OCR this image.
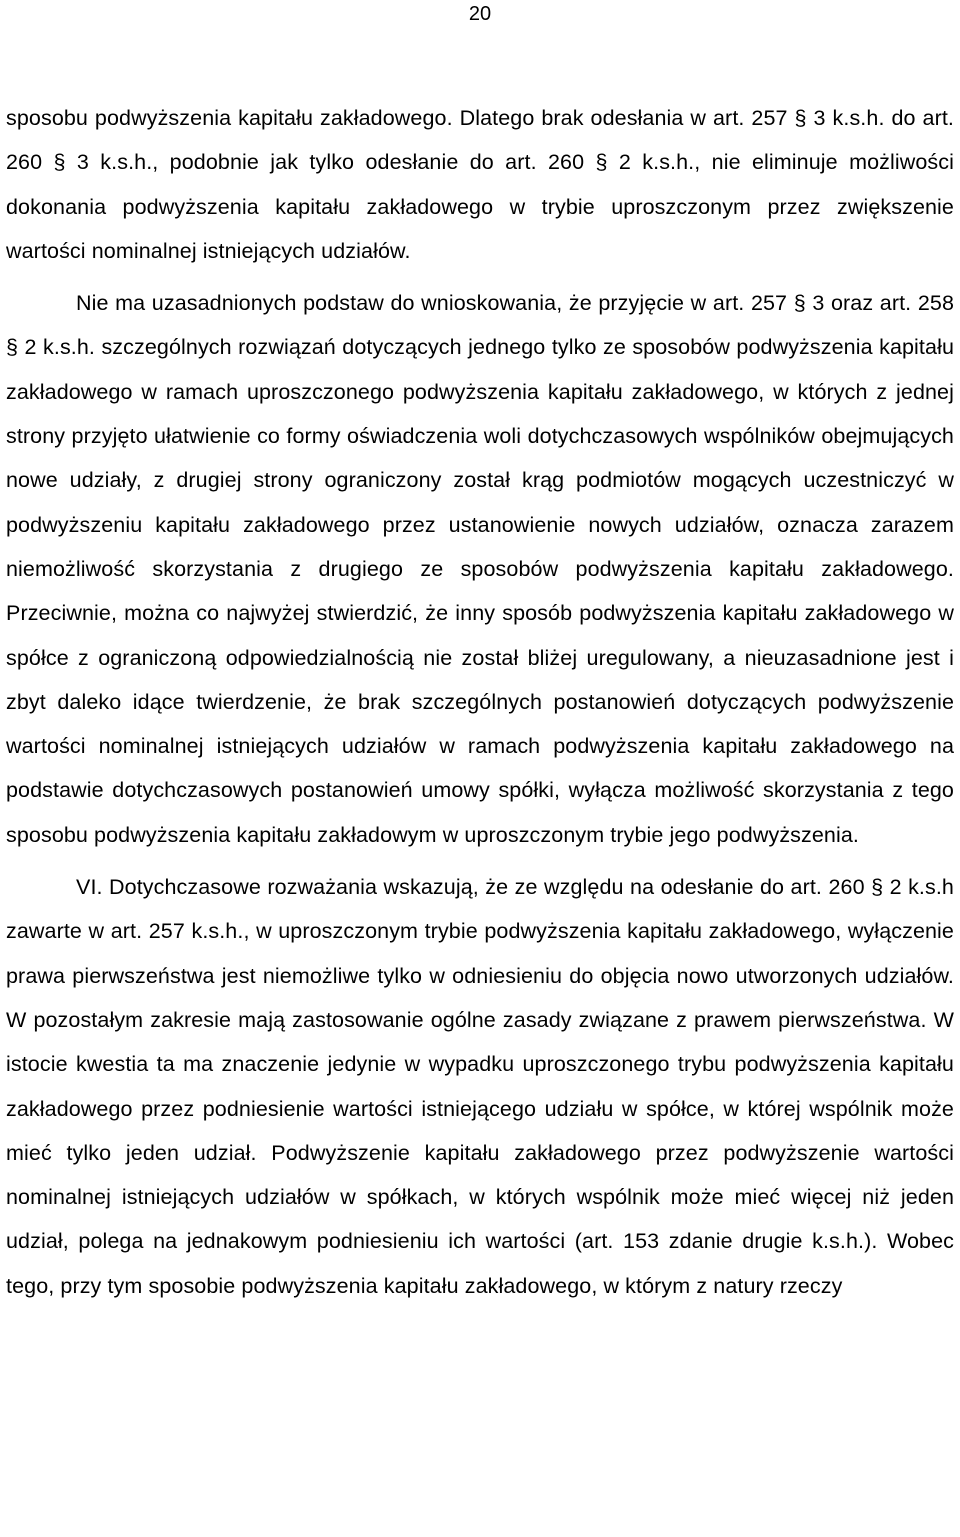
20

sposobu podwyższenia kapitału zakładowego. Dlatego brak odesłania w art. 257 § 3 k.s.h. do art. 260 § 3 k.s.h., podobnie jak tylko odesłanie do art. 260 § 2 k.s.h., nie eliminuje możliwości dokonania podwyższenia kapitału zakładowego w trybie uproszczonym przez zwiększenie wartości nominalnej istniejących udziałów.

Nie ma uzasadnionych podstaw do wnioskowania, że przyjęcie w art. 257 § 3 oraz art. 258 § 2 k.s.h. szczególnych rozwiązań dotyczących jednego tylko ze sposobów podwyższenia kapitału zakładowego w ramach uproszczonego podwyższenia kapitału zakładowego, w których z jednej strony przyjęto ułatwienie co formy oświadczenia woli dotychczasowych wspólników obejmujących nowe udziały, z drugiej strony ograniczony został krąg podmiotów mogących uczestniczyć w podwyższeniu kapitału zakładowego przez ustanowienie nowych udziałów, oznacza zarazem niemożliwość skorzystania z drugiego ze sposobów podwyższenia kapitału zakładowego. Przeciwnie, można co najwyżej stwierdzić, że inny sposób podwyższenia kapitału zakładowego w spółce z ograniczoną odpowiedzialnością nie został bliżej uregulowany, a nieuzasadnione jest i zbyt daleko idące twierdzenie, że brak szczególnych postanowień dotyczących podwyższenie wartości nominalnej istniejących udziałów w ramach podwyższenia kapitału zakładowego na podstawie dotychczasowych postanowień umowy spółki, wyłącza możliwość skorzystania z tego sposobu podwyższenia kapitału zakładowym w uproszczonym trybie jego podwyższenia.

VI. Dotychczasowe rozważania wskazują, że ze względu na odesłanie do art. 260 § 2 k.s.h zawarte w art. 257 k.s.h., w uproszczonym trybie podwyższenia kapitału zakładowego, wyłączenie prawa pierwszeństwa jest niemożliwe tylko w odniesieniu do objęcia nowo utworzonych udziałów. W pozostałym zakresie mają zastosowanie ogólne zasady związane z prawem pierwszeństwa. W istocie kwestia ta ma znaczenie jedynie w wypadku uproszczonego trybu podwyższenia kapitału zakładowego przez podniesienie wartości istniejącego udziału w spółce, w której wspólnik może mieć tylko jeden udział. Podwyższenie kapitału zakładowego przez podwyższenie wartości nominalnej istniejących udziałów w spółkach, w których wspólnik może mieć więcej niż jeden udział, polega na jednakowym podniesieniu ich wartości (art. 153 zdanie drugie k.s.h.). Wobec tego, przy tym sposobie podwyższenia kapitału zakładowego, w którym z natury rzeczy
